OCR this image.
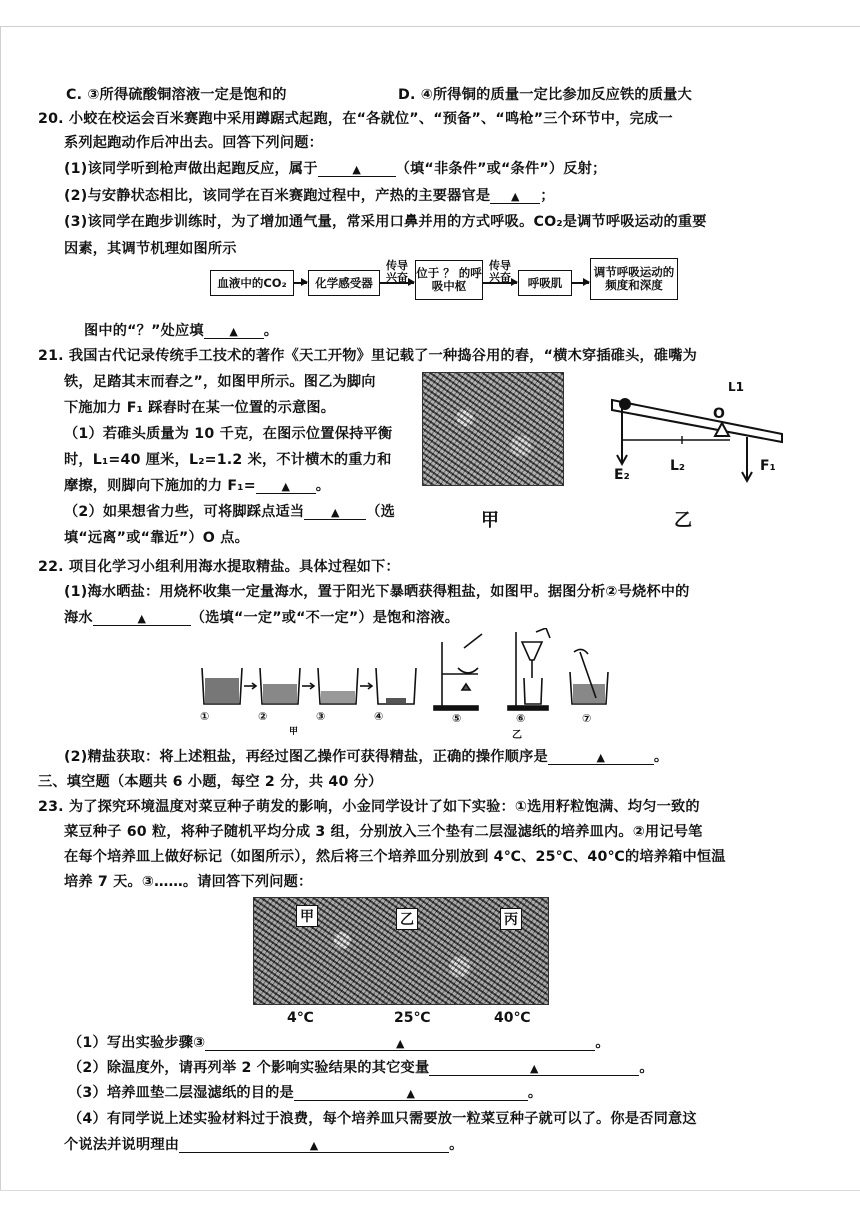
C. ③所得硫酸铜溶液一定是饱和的	D. ④所得铜的质量一定比参加反应铁的质量大
20. 小蛟在校运会百米赛跑中采用蹲踞式起跑，在“各就位”、“预备”、“鸣枪”三个环节中，完成一
系列起跑动作后冲出去。回答下列问题：
(1)该同学听到枪声做出起跑反应，属于	▲ （填“非条件”或“条件”）反射；
(2)与安静状态相比，该同学在百米赛跑过程中，产热的主要器官是 ▲ ；
(3)该同学在跑步训练时，为了增加通气量，常采用口鼻并用的方式呼吸。CO₂是调节呼吸运动的重要
因素，其调节机理如图所示
血液中的CO₂	化学感受器
传导兴奋 位于 ？ 的呼吸中枢
传导兴奋	呼吸肌
调节呼吸运动的频度和深度
图中的“？”处应填 ▲ 。
21. 我国古代记录传统手工技术的著作《天工开物》里记载了一种捣谷用的舂，“横木穿插碓头，碓嘴为
铁，足踏其末而舂之”，如图甲所示。图乙为脚向
下施加力 F₁ 踩舂时在某一位置的示意图。
（1）若碓头质量为 10 千克，在图示位置保持平衡
时，L₁=40 厘米，L₂=1.2 米，不计横木的重力和
摩擦，则脚向下施加的力 F₁= ▲ 。
（2）如果想省力些，可将脚踩点适当 ▲ （选
填“远离”或“靠近”）O 点。
甲
L1
O
E₂
L₂	F₁
乙
22. 项目化学习小组利用海水提取精盐。具体过程如下：
(1)海水晒盐：用烧杯收集一定量海水，置于阳光下暴晒获得粗盐，如图甲。据图分析②号烧杯中的
海水	▲	（选填“一定”或“不一定”）是饱和溶液。
①	②	③	④	⑤	⑥	⑦
甲	乙
(2)精盐获取：将上述粗盐，再经过图乙操作可获得精盐，正确的操作顺序是	▲	。
三、填空题（本题共 6 小题，每空 2 分，共 40 分）
23. 为了探究环境温度对菜豆种子萌发的影响，小金同学设计了如下实验：①选用籽粒饱满、均匀一致的
菜豆种子 60 粒，将种子随机平均分成 3 组，分别放入三个垫有二层湿滤纸的培养皿内。②用记号笔
在每个培养皿上做好标记（如图所示），然后将三个培养皿分别放到 4℃、25℃、40℃的培养箱中恒温
培养 7 天。③……。请回答下列问题：
甲	乙	丙
4℃	25℃	40℃
（1）写出实验步骤③	▲	。
（2）除温度外，请再列举 2 个影响实验结果的其它变量	▲	。
（3）培养皿垫二层湿滤纸的目的是	▲	。
（4）有同学说上述实验材料过于浪费，每个培养皿只需要放一粒菜豆种子就可以了。你是否同意这
个说法并说明理由	▲	。
